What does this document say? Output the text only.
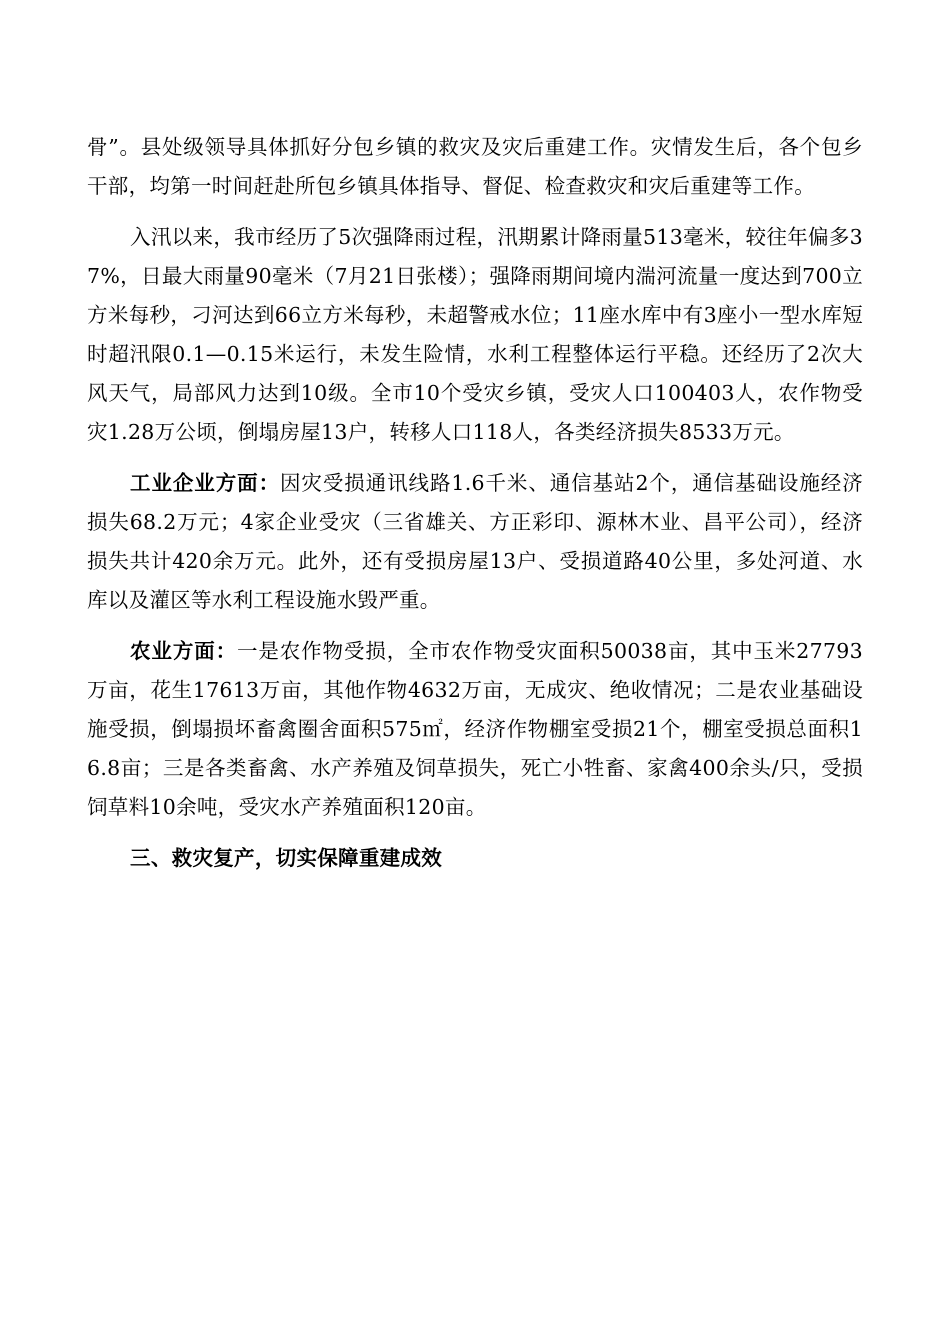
骨”。县处级领导具体抓好分包乡镇的救灾及灾后重建工作。灾情发生后，各个包乡干部，均第一时间赶赴所包乡镇具体指导、督促、检查救灾和灾后重建等工作。

入汛以来，我市经历了5次强降雨过程，汛期累计降雨量513毫米，较往年偏多37%，日最大雨量90毫米（7月21日张楼）；强降雨期间境内湍河流量一度达到700立方米每秒，刁河达到66立方米每秒，未超警戒水位；11座水库中有3座小一型水库短时超汛限0.1—0.15米运行，未发生险情，水利工程整体运行平稳。还经历了2次大风天气，局部风力达到10级。全市10个受灾乡镇，受灾人口100403人，农作物受灾1.28万公顷，倒塌房屋13户，转移人口118人，各类经济损失8533万元。

工业企业方面：因灾受损通讯线路1.6千米、通信基站2个，通信基础设施经济损失68.2万元；4家企业受灾（三省雄关、方正彩印、源林木业、昌平公司），经济损失共计420余万元。此外，还有受损房屋13户、受损道路40公里，多处河道、水库以及灌区等水利工程设施水毁严重。

农业方面：一是农作物受损，全市农作物受灾面积50038亩，其中玉米27793万亩，花生17613万亩，其他作物4632万亩，无成灾、绝收情况；二是农业基础设施受损，倒塌损坏畜禽圈舍面积575㎡，经济作物棚室受损21个，棚室受损总面积16.8亩；三是各类畜禽、水产养殖及饲草损失，死亡小牲畜、家禽400余头/只，受损饲草料10余吨，受灾水产养殖面积120亩。

三、救灾复产，切实保障重建成效
